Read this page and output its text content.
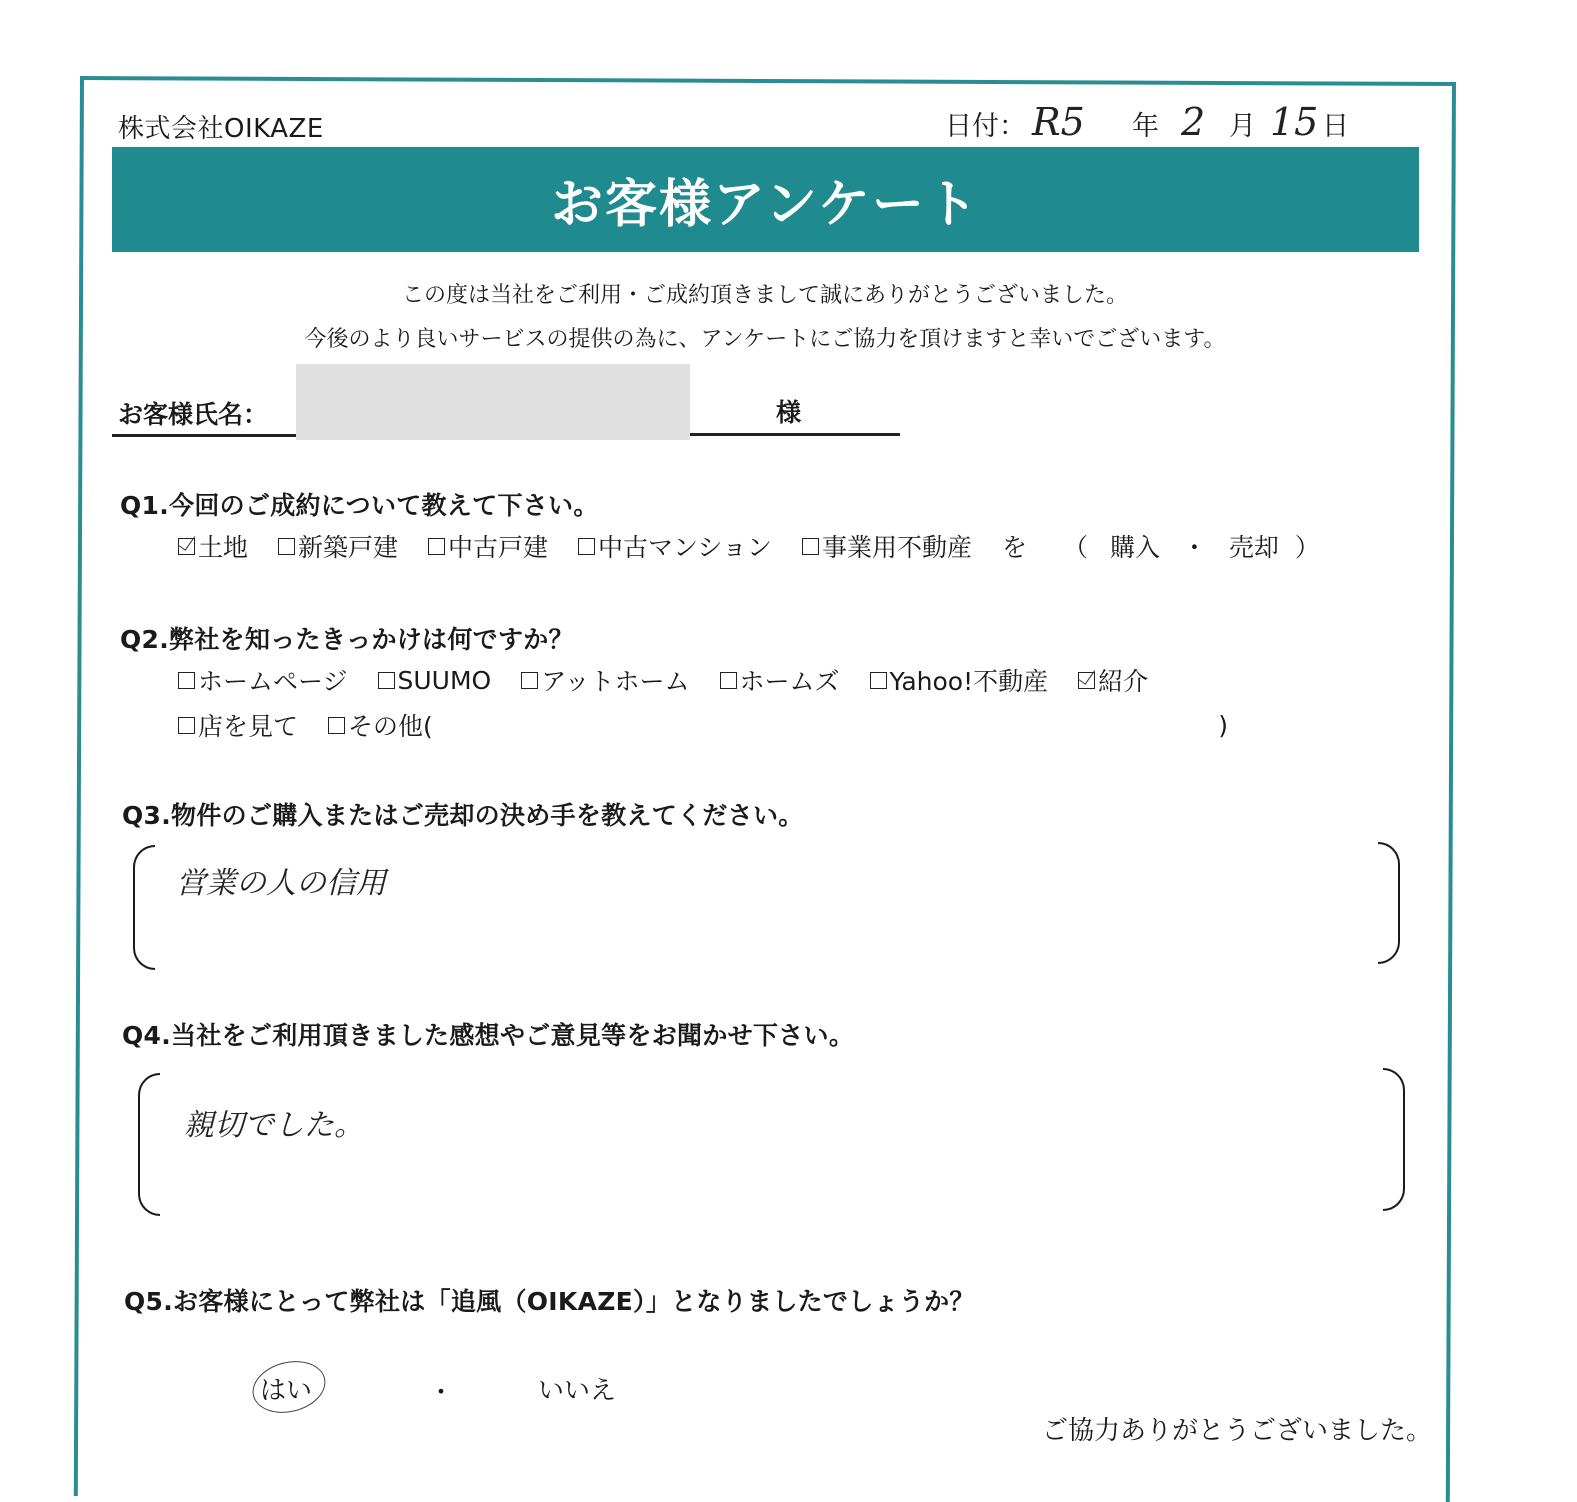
株式会社OIKAZE	日付： R5	年 2 月 15 日
お客様アンケート
この度は当社をご利用・ご成約頂きまして誠にありがとうございました。
今後のより良いサービスの提供の為に、アンケートにご協力を頂けますと幸いでございます。
お客様氏名：	様
Q1.今回のご成約について教えて下さい。
土地 新築戸建 中古戸建 中古マンション 事業用不動産 を （ 購入 ・ 売却 ）
Q2.弊社を知ったきっかけは何ですか？
ホームページ SUUMO アットホーム ホームズ Yahoo!不動産 紹介
店を見て その他(	)
Q3.物件のご購入またはご売却の決め手を教えてください。
営業の人の信用
Q4.当社をご利用頂きました感想やご意見等をお聞かせ下さい。
親切でした。
Q5.お客様にとって弊社は「追風（OIKAZE）」となりましたでしょうか？
はい	・	いいえ
ご協力ありがとうございました。
